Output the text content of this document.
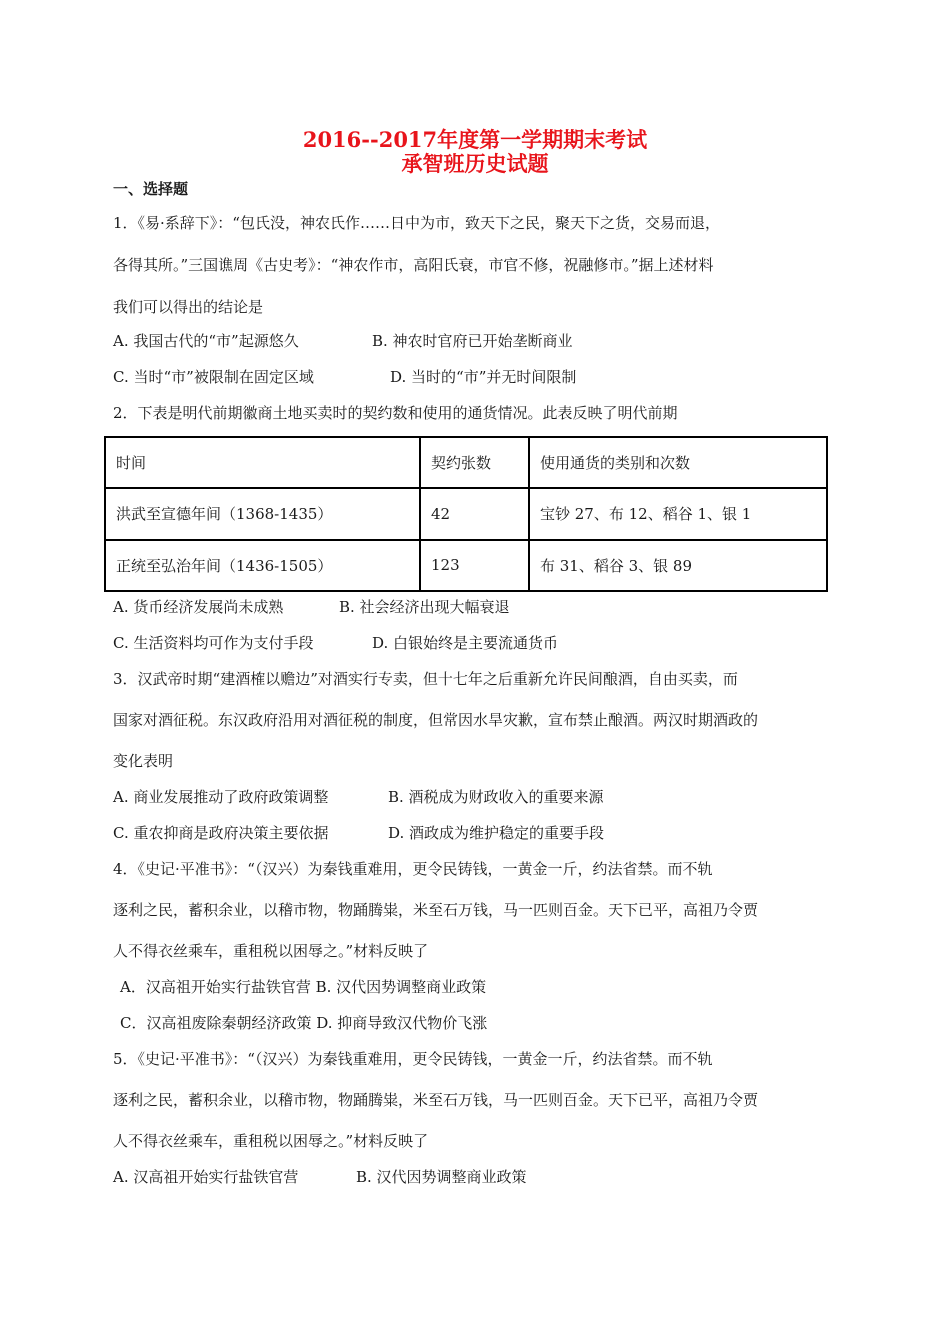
2016--2017年度第一学期期末考试
承智班历史试题
一、选择题
1．《易·系辞下》：“包氏没，神农氏作……日中为市，致天下之民，聚天下之货，交易而退，
各得其所。”三国谯周《古史考》：“神农作市，高阳氏衰，市官不修，祝融修市。”据上述材料
我们可以得出的结论是
A. 我国古代的“市”起源悠久	B. 神农时官府已开始垄断商业
C. 当时“市”被限制在固定区域	D. 当时的“市”并无时间限制
2．下表是明代前期徽商土地买卖时的契约数和使用的通货情况。此表反映了明代前期
时间	契约张数	使用通货的类别和次数
洪武至宣德年间（1368-1435）	42	宝钞 27、布 12、稻谷 1、银 1
正统至弘治年间（1436-1505）	123	布 31、稻谷 3、银 89
A. 货币经济发展尚未成熟	B. 社会经济出现大幅衰退
C. 生活资料均可作为支付手段	D. 白银始终是主要流通货币
3．汉武帝时期“建酒榷以赡边”对酒实行专卖，但十七年之后重新允许民间酿酒，自由买卖，而
国家对酒征税。东汉政府沿用对酒征税的制度，但常因水旱灾歉，宣布禁止酿酒。两汉时期酒政的
变化表明
A. 商业发展推动了政府政策调整	B. 酒税成为财政收入的重要来源
C. 重农抑商是政府决策主要依据	D. 酒政成为维护稳定的重要手段
4．《史记·平准书》：“（汉兴）为秦钱重难用，更令民铸钱，一黄金一斤，约法省禁。而不轨
逐利之民，蓄积余业，以稽市物，物踊腾粜，米至石万钱，马一匹则百金。天下已平，高祖乃令贾
人不得衣丝乘车，重租税以困辱之。”材料反映了
A．汉高祖开始实行盐铁官营 B. 汉代因势调整商业政策
C．汉高祖废除秦朝经济政策 D. 抑商导致汉代物价飞涨
5．《史记·平准书》：“（汉兴）为秦钱重难用，更令民铸钱，一黄金一斤，约法省禁。而不轨
逐利之民，蓄积余业，以稽市物，物踊腾粜，米至石万钱，马一匹则百金。天下已平，高祖乃令贾
人不得衣丝乘车，重租税以困辱之。”材料反映了
A. 汉高祖开始实行盐铁官营	B. 汉代因势调整商业政策
